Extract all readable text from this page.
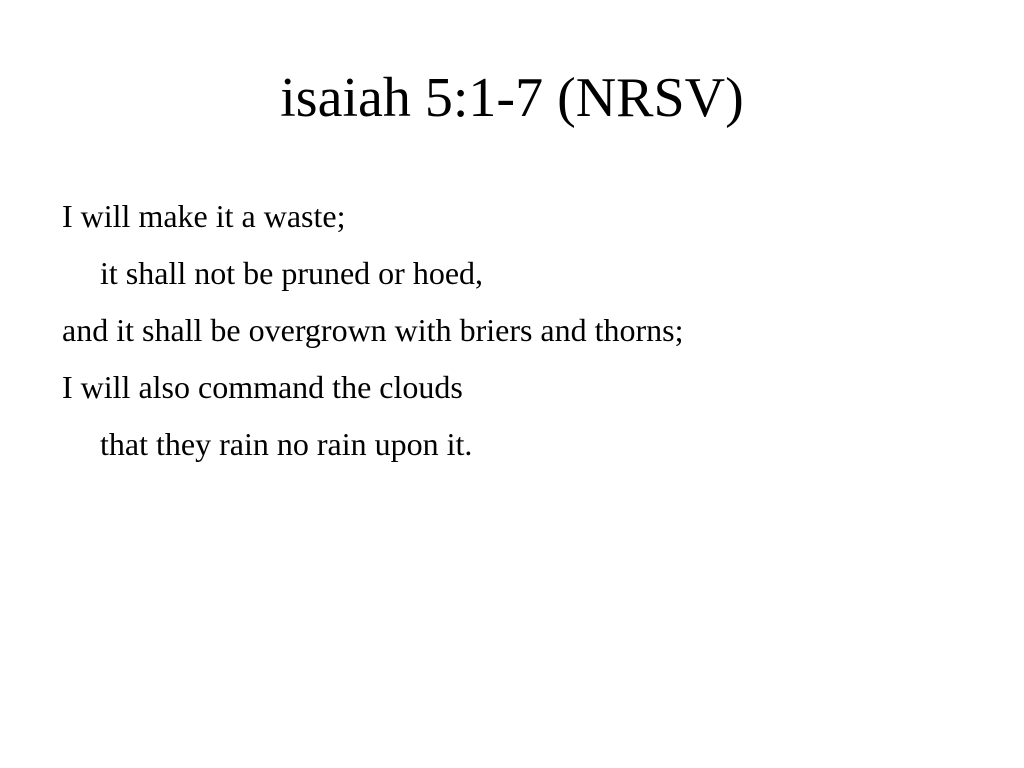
isaiah 5:1-7 (NRSV)
I will make it a waste;
it shall not be pruned or hoed,
and it shall be overgrown with briers and thorns;
I will also command the clouds
that they rain no rain upon it.
